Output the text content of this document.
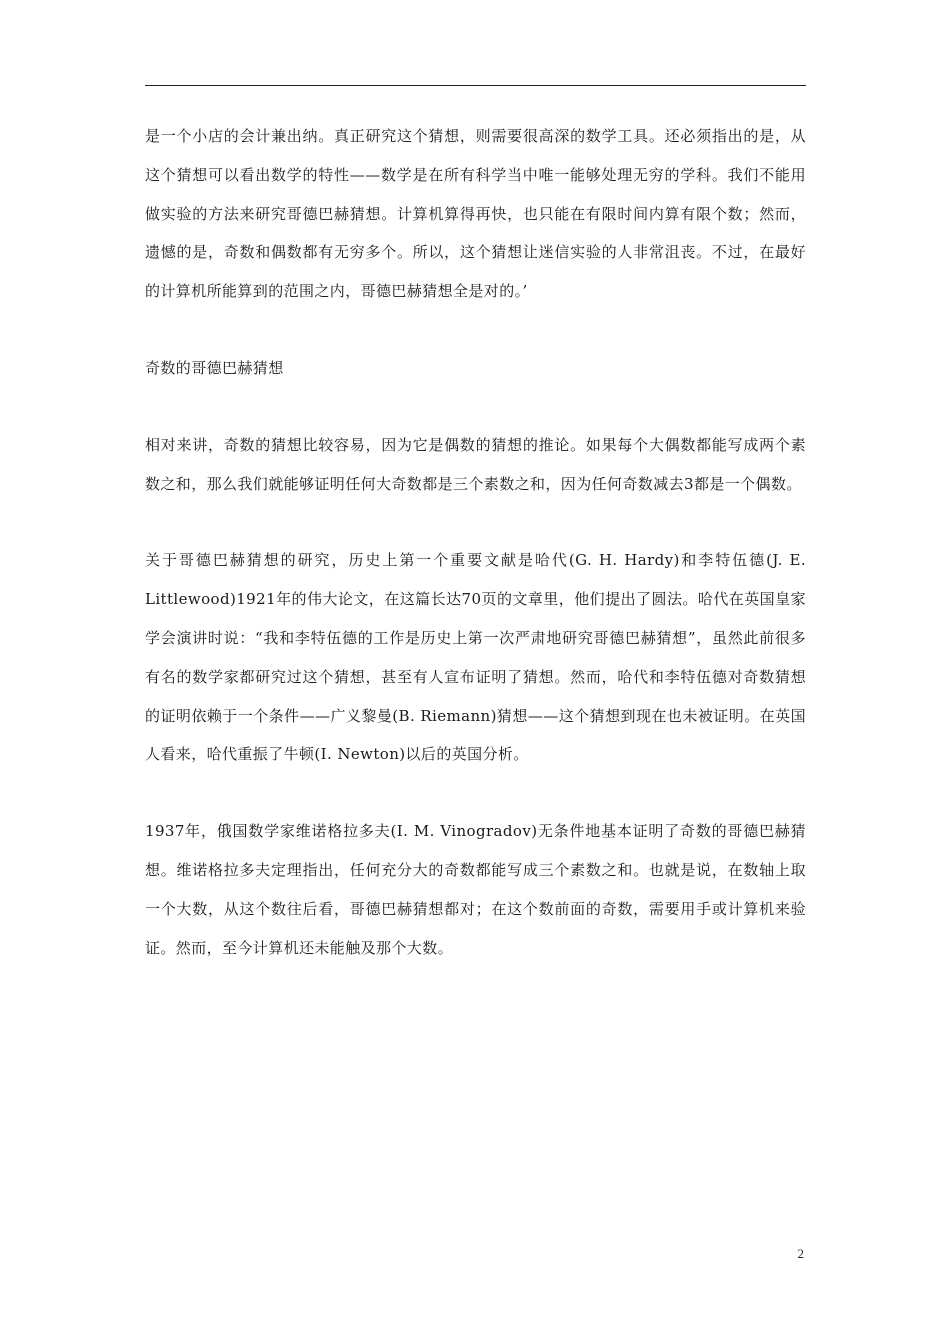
是一个小店的会计兼出纳。真正研究这个猜想，则需要很高深的数学工具。还必须指出的是，从这个猜想可以看出数学的特性——数学是在所有科学当中唯一能够处理无穷的学科。我们不能用做实验的方法来研究哥德巴赫猜想。计算机算得再快，也只能在有限时间内算有限个数；然而，遗憾的是，奇数和偶数都有无穷多个。所以，这个猜想让迷信实验的人非常沮丧。不过，在最好的计算机所能算到的范围之内，哥德巴赫猜想全是对的。’

奇数的哥德巴赫猜想

相对来讲，奇数的猜想比较容易，因为它是偶数的猜想的推论。如果每个大偶数都能写成两个素数之和，那么我们就能够证明任何大奇数都是三个素数之和，因为任何奇数减去3都是一个偶数。

关于哥德巴赫猜想的研究，历史上第一个重要文献是哈代(G. H. Hardy)和李特伍德(J. E. Littlewood)1921年的伟大论文，在这篇长达70页的文章里，他们提出了圆法。哈代在英国皇家学会演讲时说：“我和李特伍德的工作是历史上第一次严肃地研究哥德巴赫猜想”，虽然此前很多有名的数学家都研究过这个猜想，甚至有人宣布证明了猜想。然而，哈代和李特伍德对奇数猜想的证明依赖于一个条件——广义黎曼(B. Riemann)猜想——这个猜想到现在也未被证明。在英国人看来，哈代重振了牛顿(I. Newton)以后的英国分析。

1937年，俄国数学家维诺格拉多夫(I. M. Vinogradov)无条件地基本证明了奇数的哥德巴赫猜想。维诺格拉多夫定理指出，任何充分大的奇数都能写成三个素数之和。也就是说，在数轴上取一个大数，从这个数往后看，哥德巴赫猜想都对；在这个数前面的奇数，需要用手或计算机来验证。然而，至今计算机还未能触及那个大数。

2
